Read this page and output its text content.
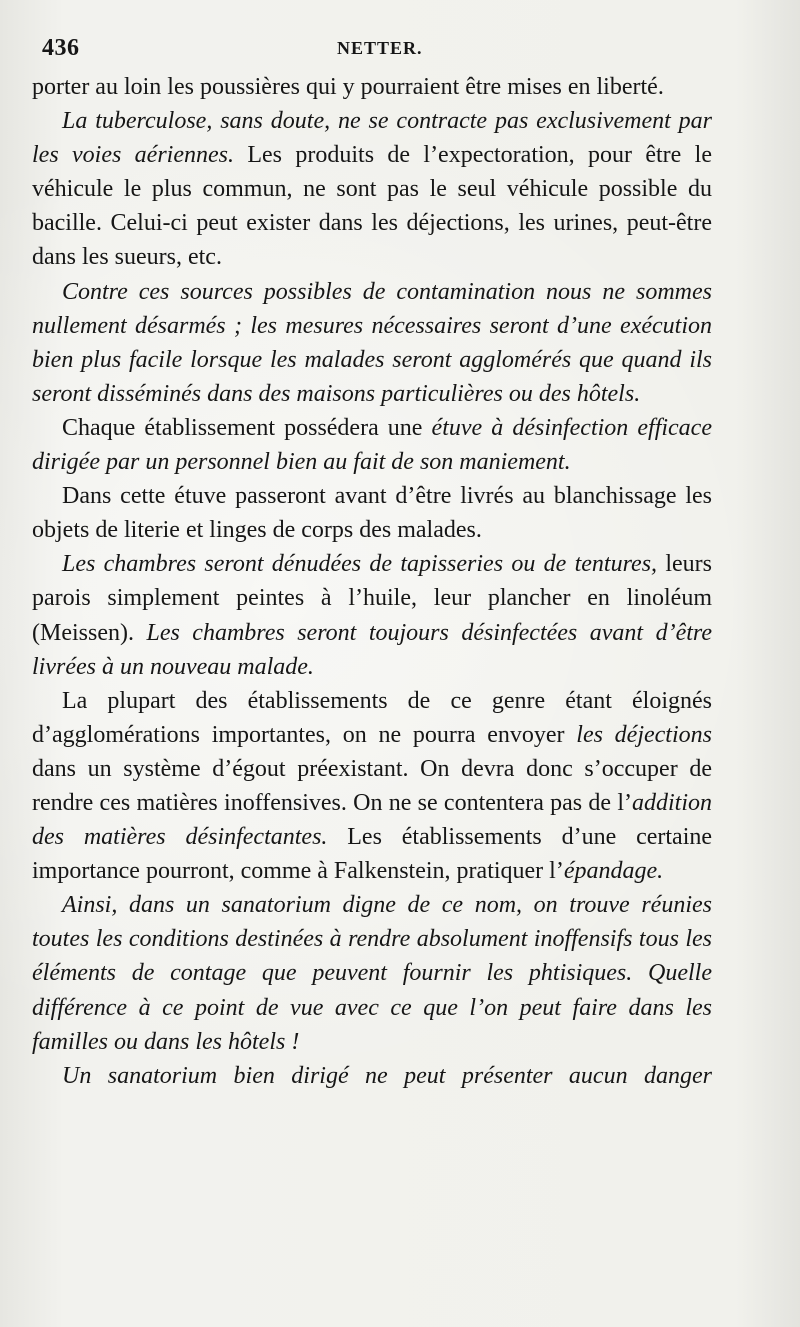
436	NETTER.

porter au loin les poussières qui y pourraient être mises en liberté.

La tuberculose, sans doute, ne se contracte pas exclusivement par les voies aériennes. Les produits de l’expectoration, pour être le véhicule le plus commun, ne sont pas le seul véhicule possible du bacille. Celui-ci peut exister dans les déjections, les urines, peut-être dans les sueurs, etc.

Contre ces sources possibles de contamination nous ne sommes nullement désarmés ; les mesures nécessaires seront d’une exécution bien plus facile lorsque les malades seront agglomérés que quand ils seront disséminés dans des maisons particulières ou des hôtels.

Chaque établissement possédera une étuve à désinfection efficace dirigée par un personnel bien au fait de son maniement.

Dans cette étuve passeront avant d’être livrés au blanchissage les objets de literie et linges de corps des malades.

Les chambres seront dénudées de tapisseries ou de tentures, leurs parois simplement peintes à l’huile, leur plancher en linoléum (Meissen). Les chambres seront toujours désinfectées avant d’être livrées à un nouveau malade.

La plupart des établissements de ce genre étant éloignés d’agglomérations importantes, on ne pourra envoyer les déjections dans un système d’égout préexistant. On devra donc s’occuper de rendre ces matières inoffensives. On ne se contentera pas de l’addition des matières désinfectantes. Les établissements d’une certaine importance pourront, comme à Falkenstein, pratiquer l’épandage.

Ainsi, dans un sanatorium digne de ce nom, on trouve réunies toutes les conditions destinées à rendre absolument inoffensifs tous les éléments de contage que peuvent fournir les phtisiques. Quelle différence à ce point de vue avec ce que l’on peut faire dans les familles ou dans les hôtels !

Un sanatorium bien dirigé ne peut présenter aucun danger
